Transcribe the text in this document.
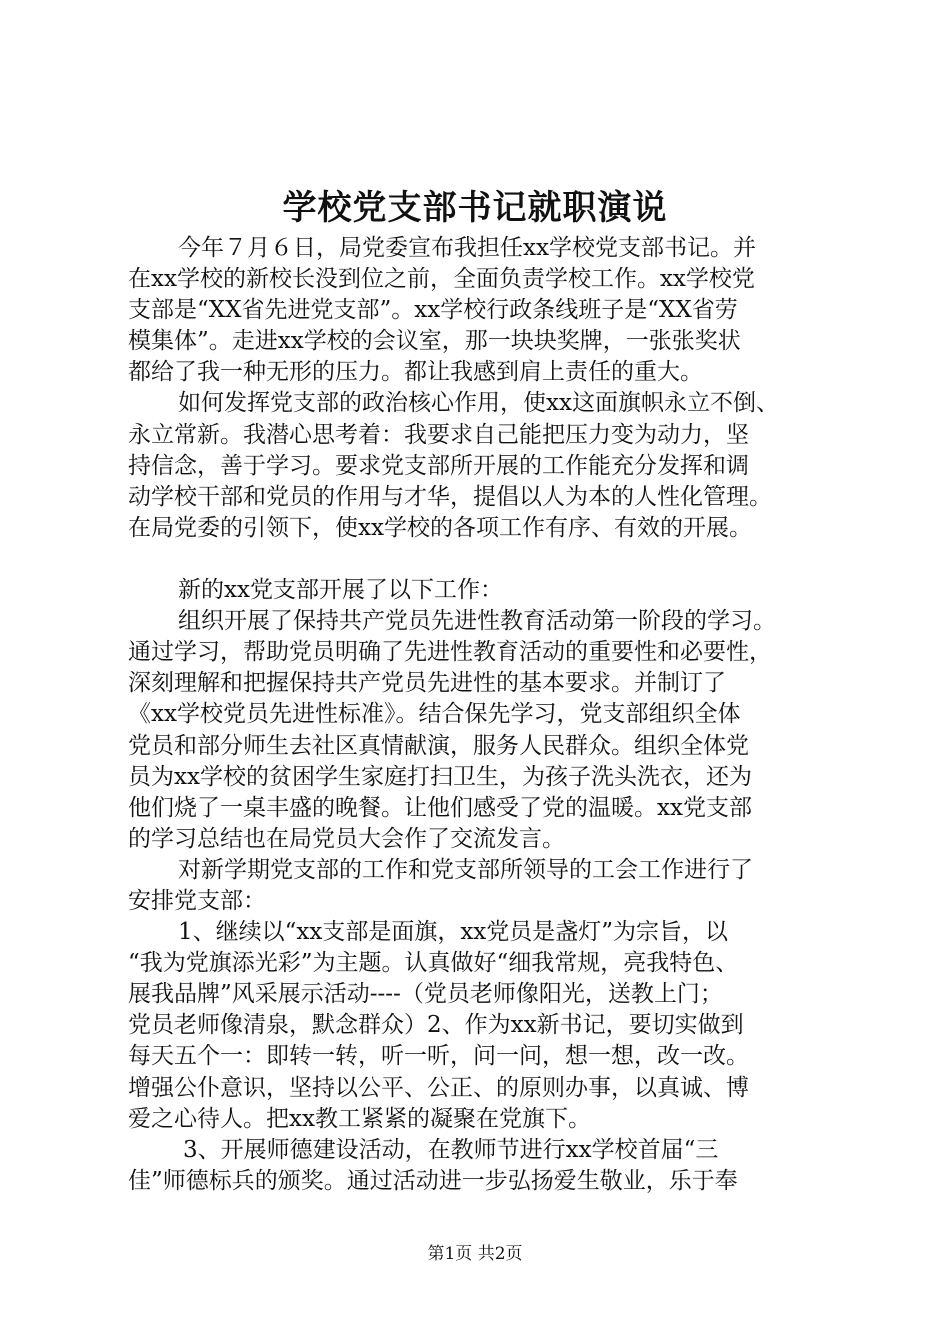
学校党支部书记就职演说
今年７月６日，局党委宣布我担任xx学校党支部书记。并
在xx学校的新校长没到位之前，全面负责学校工作。xx学校党
支部是“XX省先进党支部”。xx学校行政条线班子是“XX省劳
模集体”。走进xx学校的会议室，那一块块奖牌，一张张奖状
都给了我一种无形的压力。都让我感到肩上责任的重大。
如何发挥党支部的政治核心作用，使xx这面旗帜永立不倒、
永立常新。我潜心思考着：我要求自己能把压力变为动力，坚
持信念，善于学习。要求党支部所开展的工作能充分发挥和调
动学校干部和党员的作用与才华，提倡以人为本的人性化管理。
在局党委的引领下，使xx学校的各项工作有序、有效的开展。
新的xx党支部开展了以下工作：
组织开展了保持共产党员先进性教育活动第一阶段的学习。
通过学习，帮助党员明确了先进性教育活动的重要性和必要性，
深刻理解和把握保持共产党员先进性的基本要求。并制订了
《xx学校党员先进性标准》。结合保先学习，党支部组织全体
党员和部分师生去社区真情献演，服务人民群众。组织全体党
员为xx学校的贫困学生家庭打扫卫生，为孩子洗头洗衣，还为
他们烧了一桌丰盛的晚餐。让他们感受了党的温暖。xx党支部
的学习总结也在局党员大会作了交流发言。
对新学期党支部的工作和党支部所领导的工会工作进行了
安排党支部：
1、继续以“xx支部是面旗，xx党员是盏灯”为宗旨，以
“我为党旗添光彩”为主题。认真做好“细我常规，亮我特色、
展我品牌”风采展示活动----（党员老师像阳光，送教上门；
党员老师像清泉，默念群众）2、作为xx新书记，要切实做到
每天五个一：即转一转，听一听，问一问，想一想，改一改。
增强公仆意识，坚持以公平、公正、的原则办事，以真诚、博
爱之心待人。把xx教工紧紧的凝聚在党旗下。
3、开展师德建设活动，在教师节进行xx学校首届“三
佳”师德标兵的颁奖。通过活动进一步弘扬爱生敬业，乐于奉
第1页 共2页
